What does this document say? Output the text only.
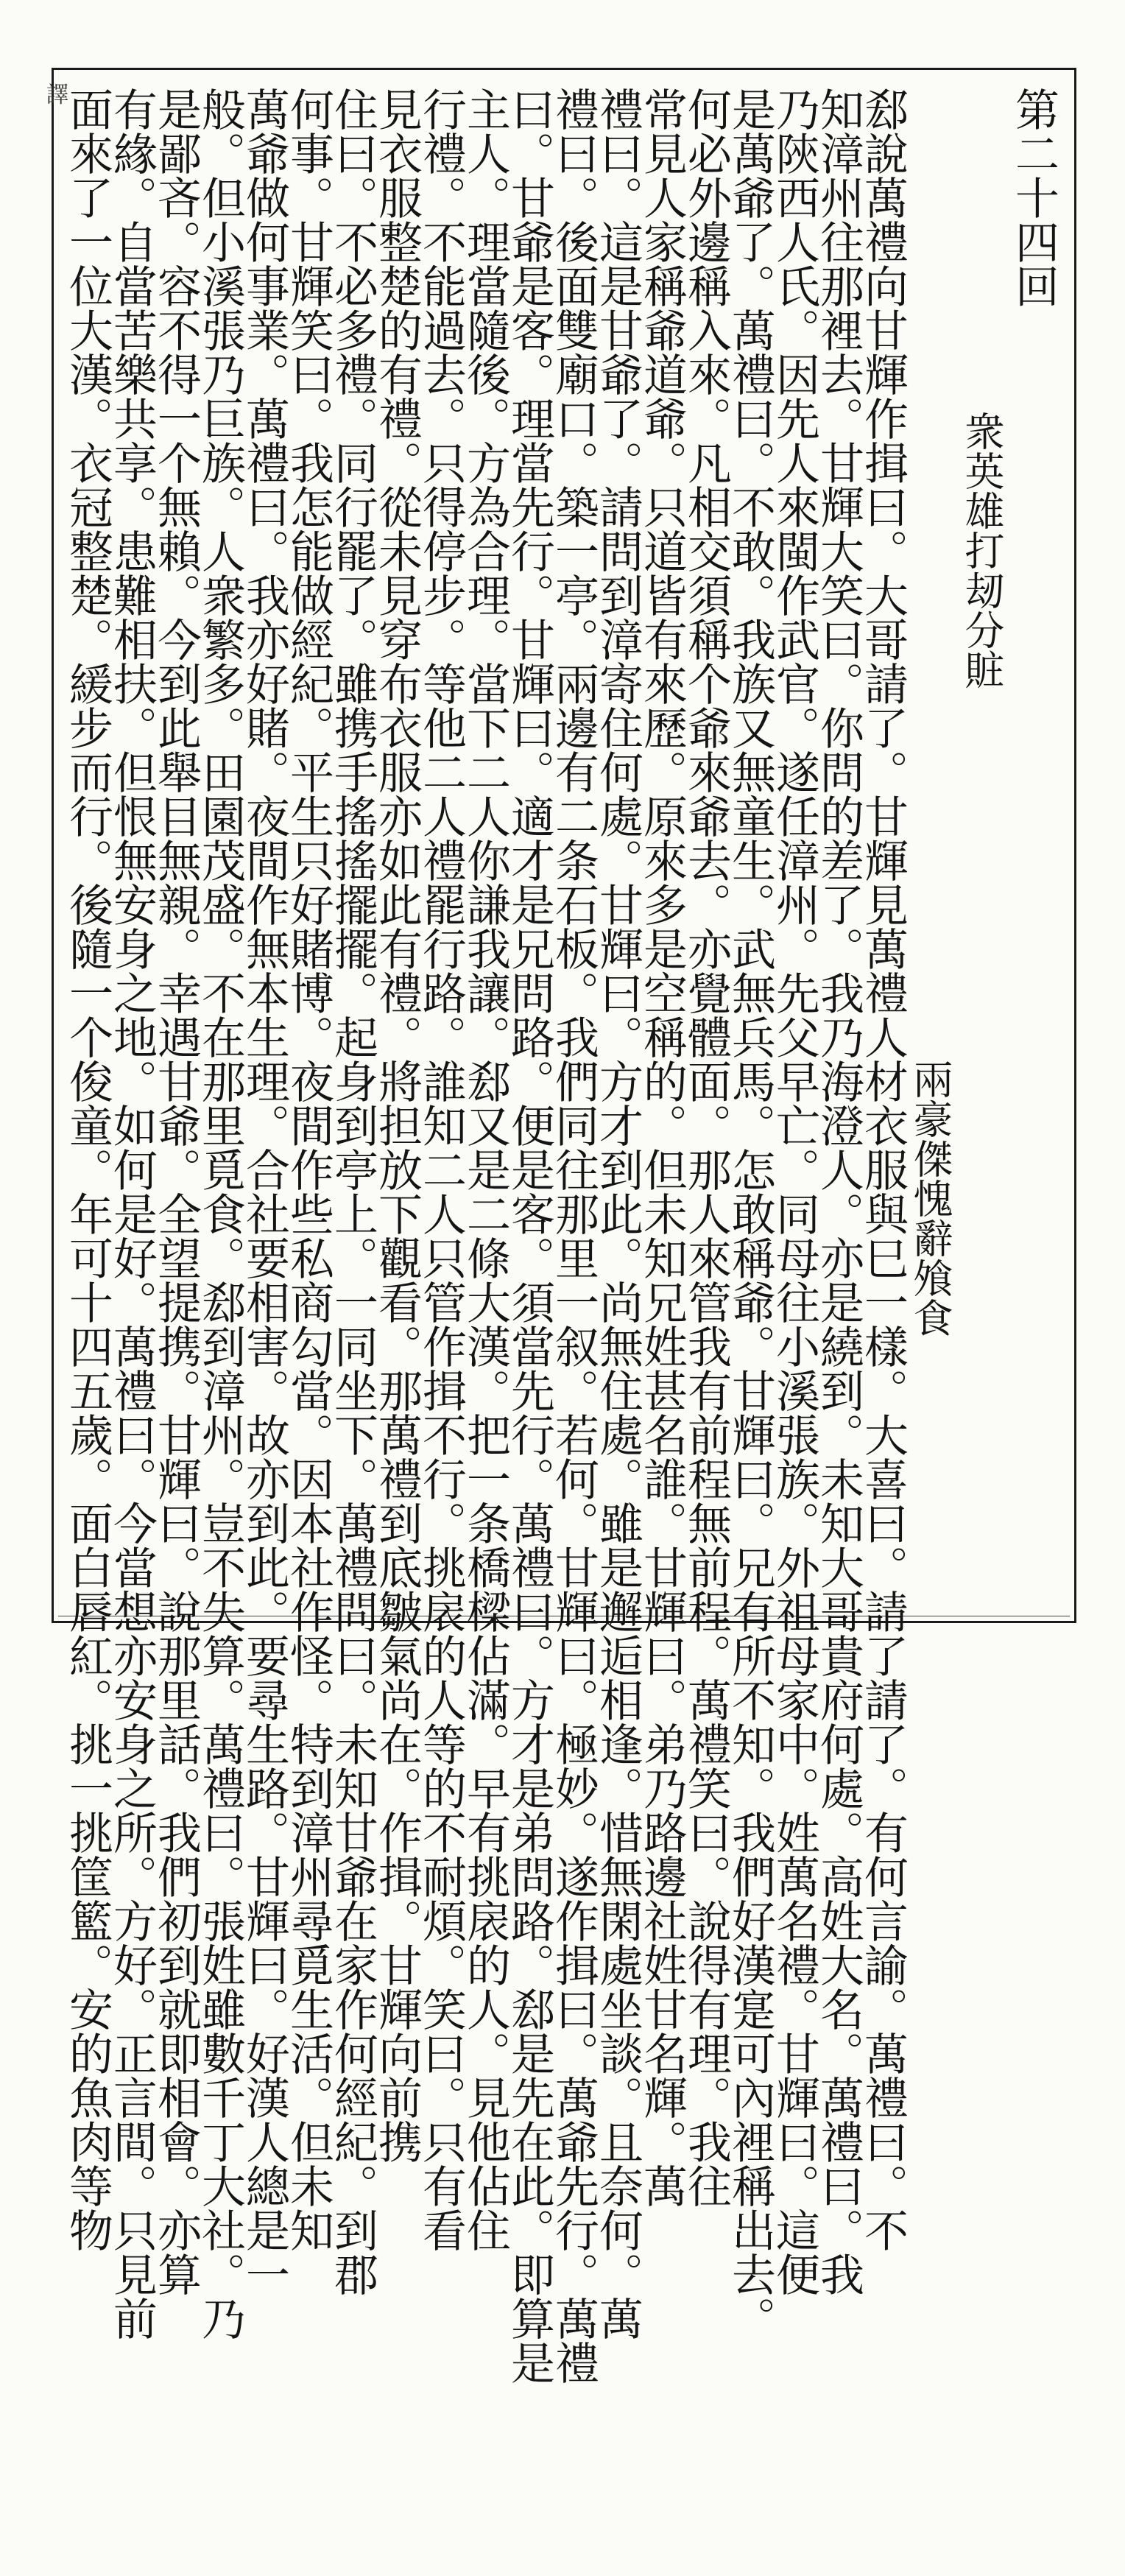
譯	第二十四回
衆英雄打刼分賍
兩豪傑愧辭飧食
郄說萬禮向甘輝作揖曰。大哥請了。甘輝見萬禮人材衣服與巳一樣。大喜曰。請了請了。有何言諭。萬禮曰。不
知漳州往那裡去。甘輝大笑曰。你問的差了。我乃海澄人。亦是繞到。未知大哥貴府何處。高姓大名。萬禮曰。我
乃陝西人氏。因先人來閩作武官。遂任漳州。先父早亡。同母往小溪張族。外祖母家中。姓萬名禮。甘輝曰。這便
是萬爺了。萬禮曰。不敢。我族又無童生。武無兵馬。怎敢稱爺。甘輝曰。兄有所不知。我們好漢寔可內裡稱出去。
何必外邊稱入來。凡相交須稱个爺來爺去。亦覺體面。那人來管我有前程無前程。萬禮笑曰。說得有理。我往
常見人家稱爺道爺。只道皆有來歷。原來多是空稱的。但未知兄姓甚名誰。甘輝曰。弟乃路邊社姓甘名輝。萬
禮曰。這是甘爺了。請問到漳寄住何處。甘輝曰。方才到此。尚無住處。雖是邂逅相逢。惜無閑處坐談。且奈何。萬
禮曰。後面雙廟口。築一亭。兩邊有二条石板。我們同往那里一叙。若何。甘輝曰。極妙。遂作揖曰。萬爺先行。萬禮
曰。甘爺是客。理當先行。甘輝曰。適才是兄問路。便是客。須當先行。萬禮曰。方才是弟問路。郄是先在此。即算是
主人。理當隨後。方為合理。當下二人你謙我讓。郄又是二條大漢。把一条橋樑佔滿。早有挑扆的人。見他佔住
行禮。不能過去。只得停步。等他二人禮罷行路。誰知二人只管作揖不行。挑扆的人等的不耐煩。笑曰。只有看
見衣服整楚的有禮。從未見穿布衣服亦如此有禮。將担放下觀看。那萬禮到底皺氣尚在。作揖。甘輝向前携
住曰。不必多禮。同行罷了。雖携手搖搖擺擺。起身到亭上。一同坐下。萬禮問曰。未知甘爺在家作何經紀。到郡
何事。甘輝笑曰。我怎能做經紀。平生只好賭博。夜間作些私商勾當。因本社作怪。特到漳州尋覓生活。但未知
萬爺做何事業。萬禮曰。我亦好賭。夜間作無本生理。合社要相害。故亦到此。要尋生路。甘輝曰。好漢人總是一
般。但小溪張乃巨族。人衆繁多。田園茂盛。不在那里覓食。郄到漳州。豈不失算。萬禮曰。張姓雖數千丁大社。乃
是鄙吝。容不得一个無賴。今到此舉目無親。幸遇甘爺。全望提携。甘輝曰。說那里話。我們初到就即相會。亦算
有緣。自當苦樂共享。患難相扶。但恨無安身之地。如何是好。萬禮曰。今當想亦安身之所。方好。正言間。只見前
面來了一位大漢。衣冠整楚。緩步而行。後隨一个俊童。年可十四五歲。面白唇紅。挑一挑筐籃。安的魚肉等物
